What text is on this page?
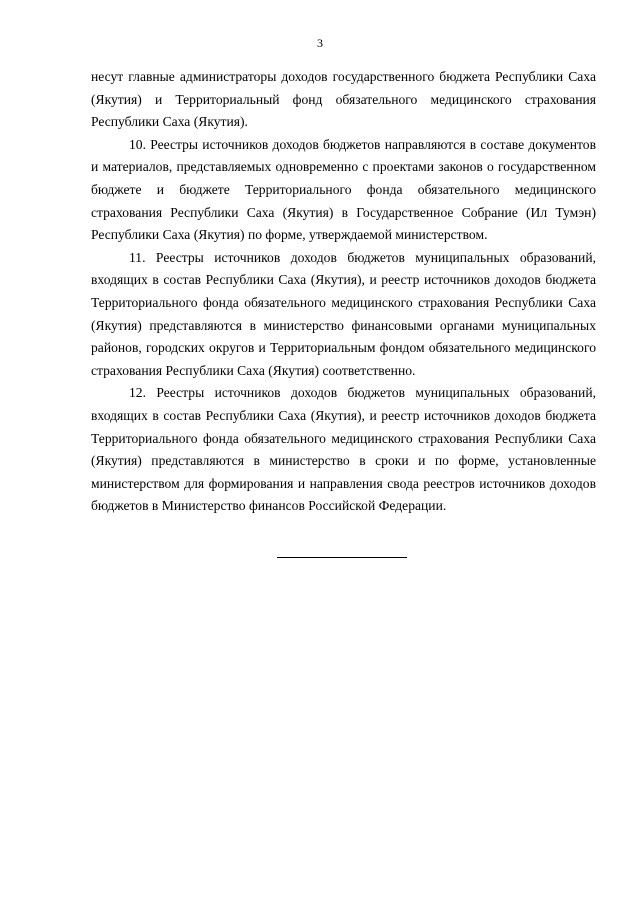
3

несут главные администраторы доходов государственного бюджета Республики Саха (Якутия) и Территориальный фонд обязательного медицинского страхования Республики Саха (Якутия).

10. Реестры источников доходов бюджетов направляются в составе документов и материалов, представляемых одновременно с проектами законов о государственном бюджете и бюджете Территориального фонда обязательного медицинского страхования Республики Саха (Якутия) в Государственное Собрание (Ил Тумэн) Республики Саха (Якутия) по форме, утверждаемой министерством.

11. Реестры источников доходов бюджетов муниципальных образований, входящих в состав Республики Саха (Якутия), и реестр источников доходов бюджета Территориального фонда обязательного медицинского страхования Республики Саха (Якутия) представляются в министерство финансовыми органами муниципальных районов, городских округов и Территориальным фондом обязательного медицинского страхования Республики Саха (Якутия) соответственно.

12. Реестры источников доходов бюджетов муниципальных образований, входящих в состав Республики Саха (Якутия), и реестр источников доходов бюджета Территориального фонда обязательного медицинского страхования Республики Саха (Якутия) представляются в министерство в сроки и по форме, установленные министерством для формирования и направления свода реестров источников доходов бюджетов в Министерство финансов Российской Федерации.
